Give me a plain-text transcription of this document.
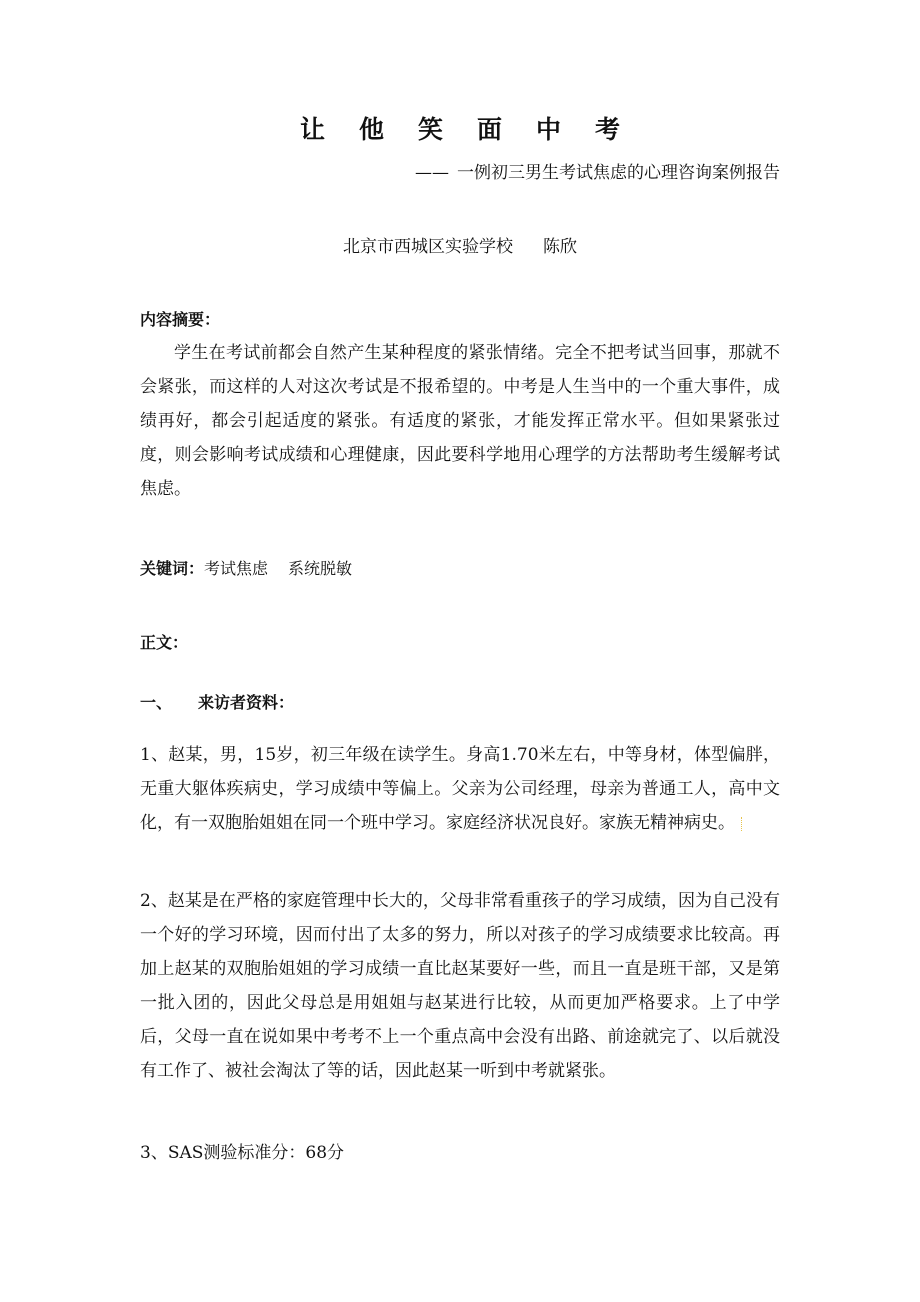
让他笑面中考
—— 一例初三男生考试焦虑的心理咨询案例报告
北京市西城区实验学校 陈欣
内容摘要：
学生在考试前都会自然产生某种程度的紧张情绪。完全不把考试当回事，那就不会紧张，而这样的人对这次考试是不报希望的。中考是人生当中的一个重大事件，成绩再好，都会引起适度的紧张。有适度的紧张，才能发挥正常水平。但如果紧张过度，则会影响考试成绩和心理健康，因此要科学地用心理学的方法帮助考生缓解考试焦虑。
关键词：考试焦虑 系统脱敏
正文：
一、 来访者资料：
1、赵某，男，15岁，初三年级在读学生。身高1.70米左右，中等身材，体型偏胖，无重大躯体疾病史，学习成绩中等偏上。父亲为公司经理，母亲为普通工人，高中文化，有一双胞胎姐姐在同一个班中学习。家庭经济状况良好。家族无精神病史。
2、赵某是在严格的家庭管理中长大的，父母非常看重孩子的学习成绩，因为自己没有一个好的学习环境，因而付出了太多的努力，所以对孩子的学习成绩要求比较高。再加上赵某的双胞胎姐姐的学习成绩一直比赵某要好一些，而且一直是班干部，又是第一批入团的，因此父母总是用姐姐与赵某进行比较，从而更加严格要求。上了中学后，父母一直在说如果中考考不上一个重点高中会没有出路、前途就完了、以后就没有工作了、被社会淘汰了等的话，因此赵某一听到中考就紧张。
3、SAS测验标准分：68分
